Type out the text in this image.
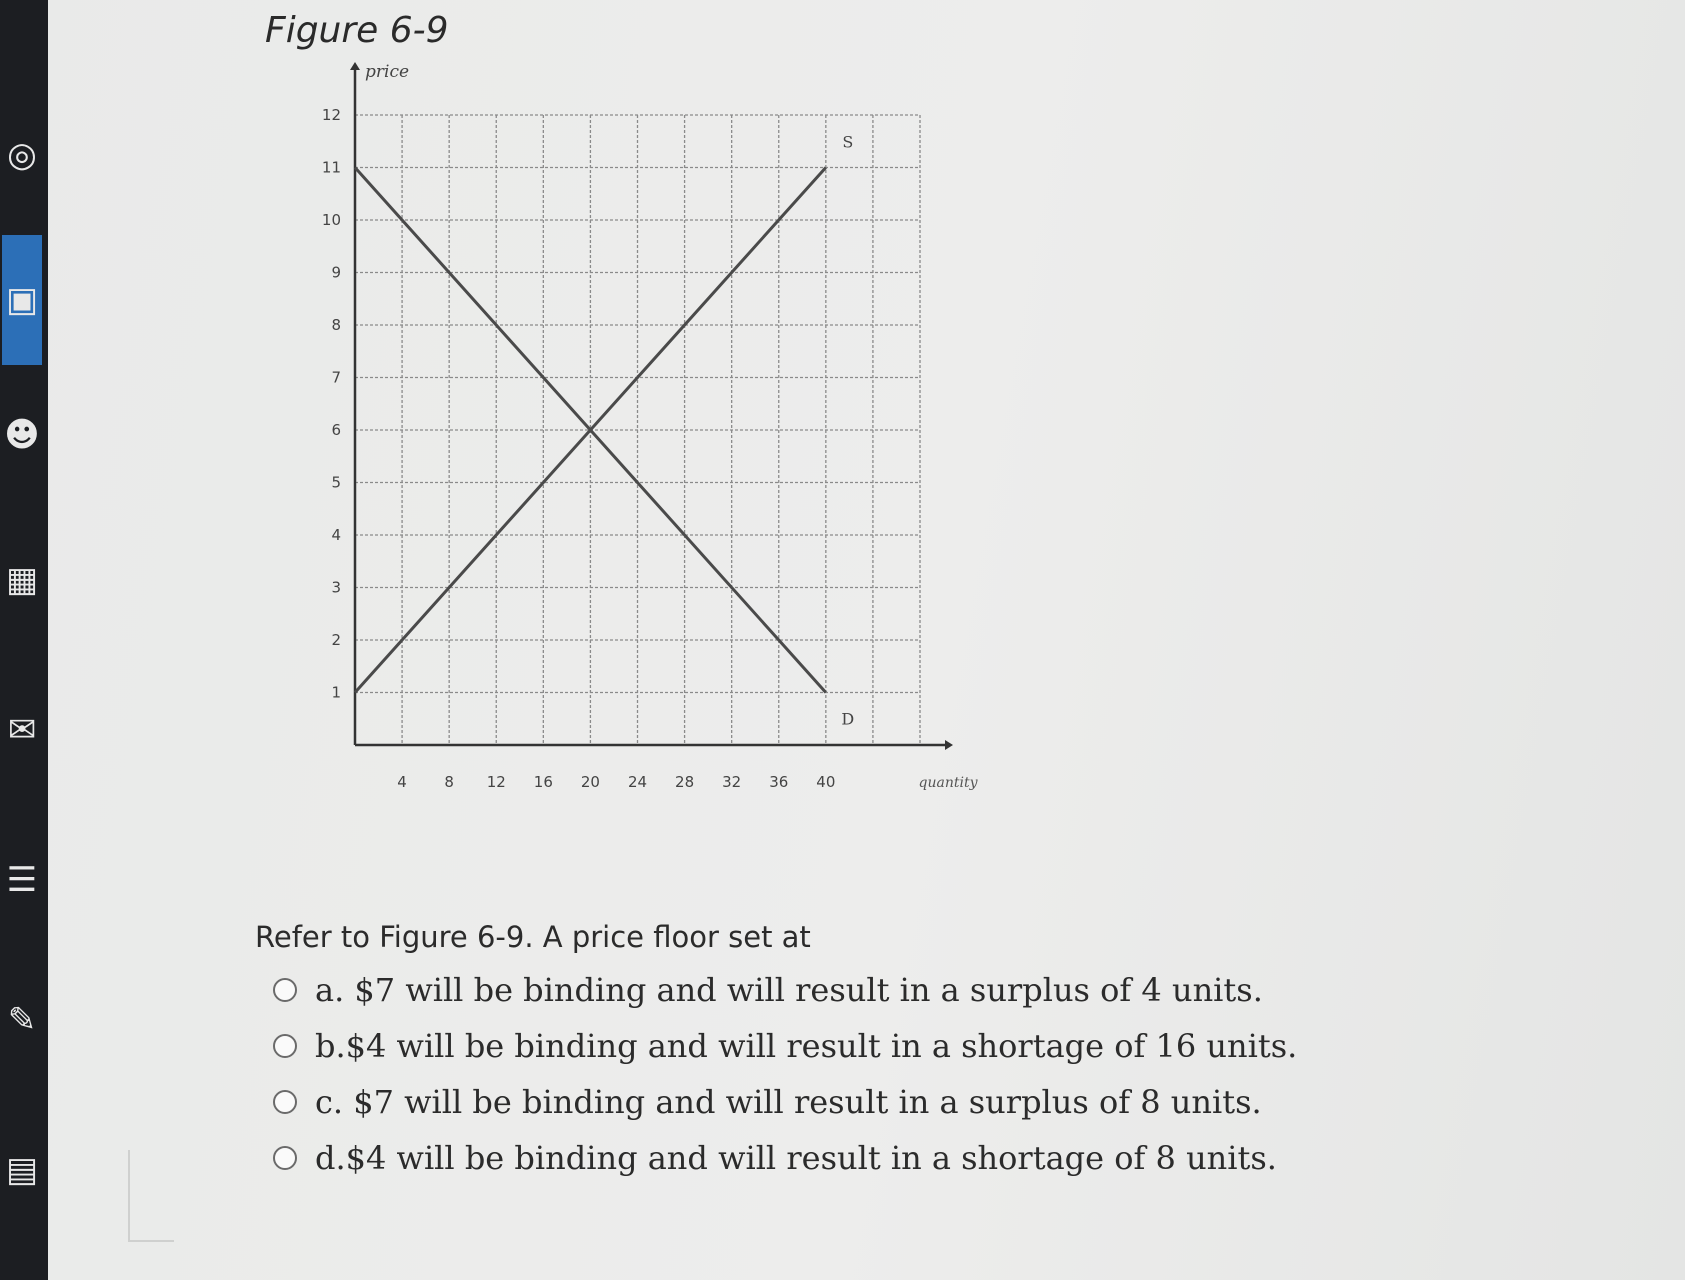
◎
▣
☻
▦
✉
☰
✎
▤
Figure 6-9
4	8 12 16 20 24 28 32 36 40
1
2
3
4
5
6
7
8
9
10
11
12
price
quantity
S
D
Refer to Figure 6-9. A price floor set at
a. $7 will be binding and will result in a surplus of 4 units.
b.$4 will be binding and will result in a shortage of 16 units.
c. $7 will be binding and will result in a surplus of 8 units.
d.$4 will be binding and will result in a shortage of 8 units.
